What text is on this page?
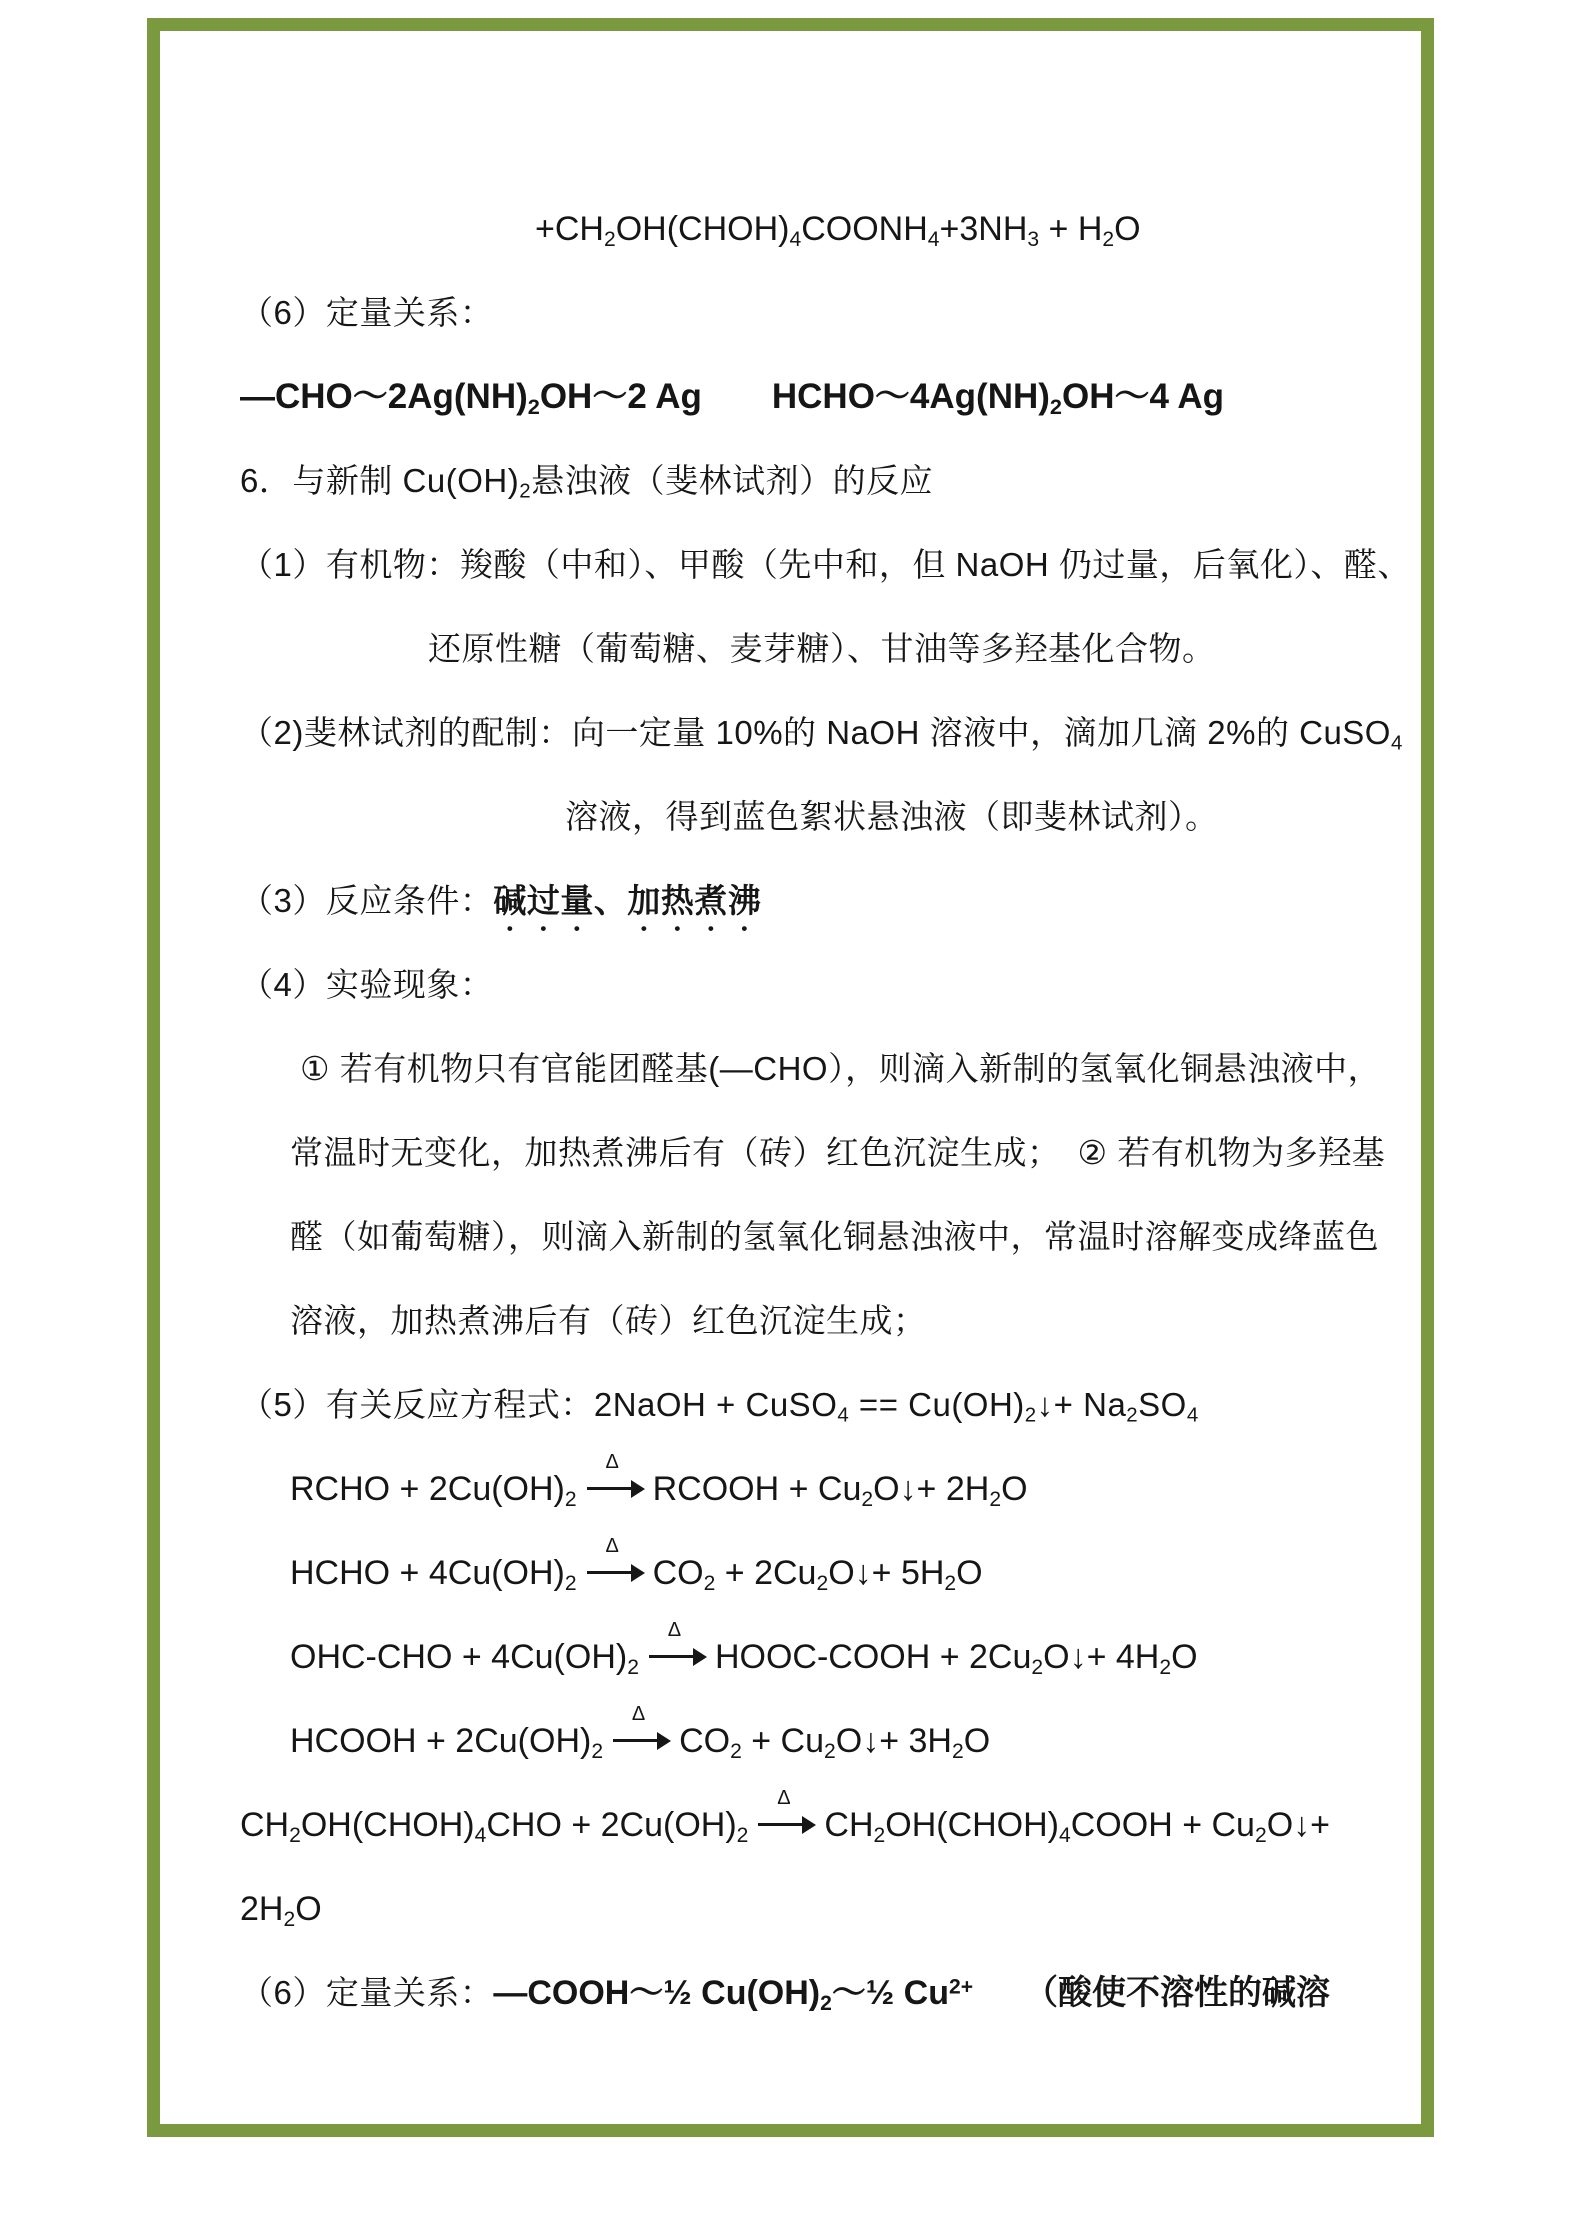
$+CH_2OH(CHOH)_4COONH_4+3NH_3 + H_2O$
（6）定量关系：
$—CHO\sim 2Ag(NH)_2OH\sim 2$ Ag　　$HCHO\sim 4Ag(NH)_2OH\sim 4$ Ag
6．与新制 $Cu(OH)_2$悬浊液（斐林试剂）的反应
（1）有机物：羧酸（中和）、甲酸（先中和，但 NaOH 仍过量，后氧化）、醛、
还原性糖（葡萄糖、麦芽糖）、甘油等多羟基化合物。
（2)斐林试剂的配制：向一定量 10%的 NaOH 溶液中，滴加几滴 2%的 CuSO$_4$
溶液，得到蓝色絮状悬浊液（即斐林试剂）。
（3）反应条件：碱过量、加热煮沸
（4）实验现象：
① 若有机物只有官能团醛基(—CHO），则滴入新制的氢氧化铜悬浊液中，
常温时无变化，加热煮沸后有（砖）红色沉淀生成；　② 若有机物为多羟基
醛（如葡萄糖），则滴入新制的氢氧化铜悬浊液中，常温时溶解变成绛蓝色
溶液，加热煮沸后有（砖）红色沉淀生成；
（5）有关反应方程式：2NaOH + CuSO$_4$ == $Cu(OH)_2↓+ Na_2SO_4$
RCHO + $2Cu(OH)_2$
Δ
RCOOH + $Cu_2O↓+ 2H_2O$
HCHO + $4Cu(OH)_2$
Δ
$CO_2$ + $2Cu_2O↓+ 5H_2O$
$OHC-CHO + 4Cu(OH)_2$
Δ
HOOC-COOH + $2Cu_2O↓+ 4H_2O$
HCOOH + $2Cu(OH)_2$
Δ
$CO_2$ + $Cu_2O↓+ 3H_2O$
$CH_2OH(CHOH)_4CHO + 2Cu(OH)_2$
Δ
$CH_2OH(CHOH)_4COOH$ + $Cu_2O↓+$
$2H_2O$
（6）定量关系：—COOH～½ $Cu(OH)_2\sim\frac{1}{2}$ $Cu^{2+}$　　（酸使不溶性的碱溶
